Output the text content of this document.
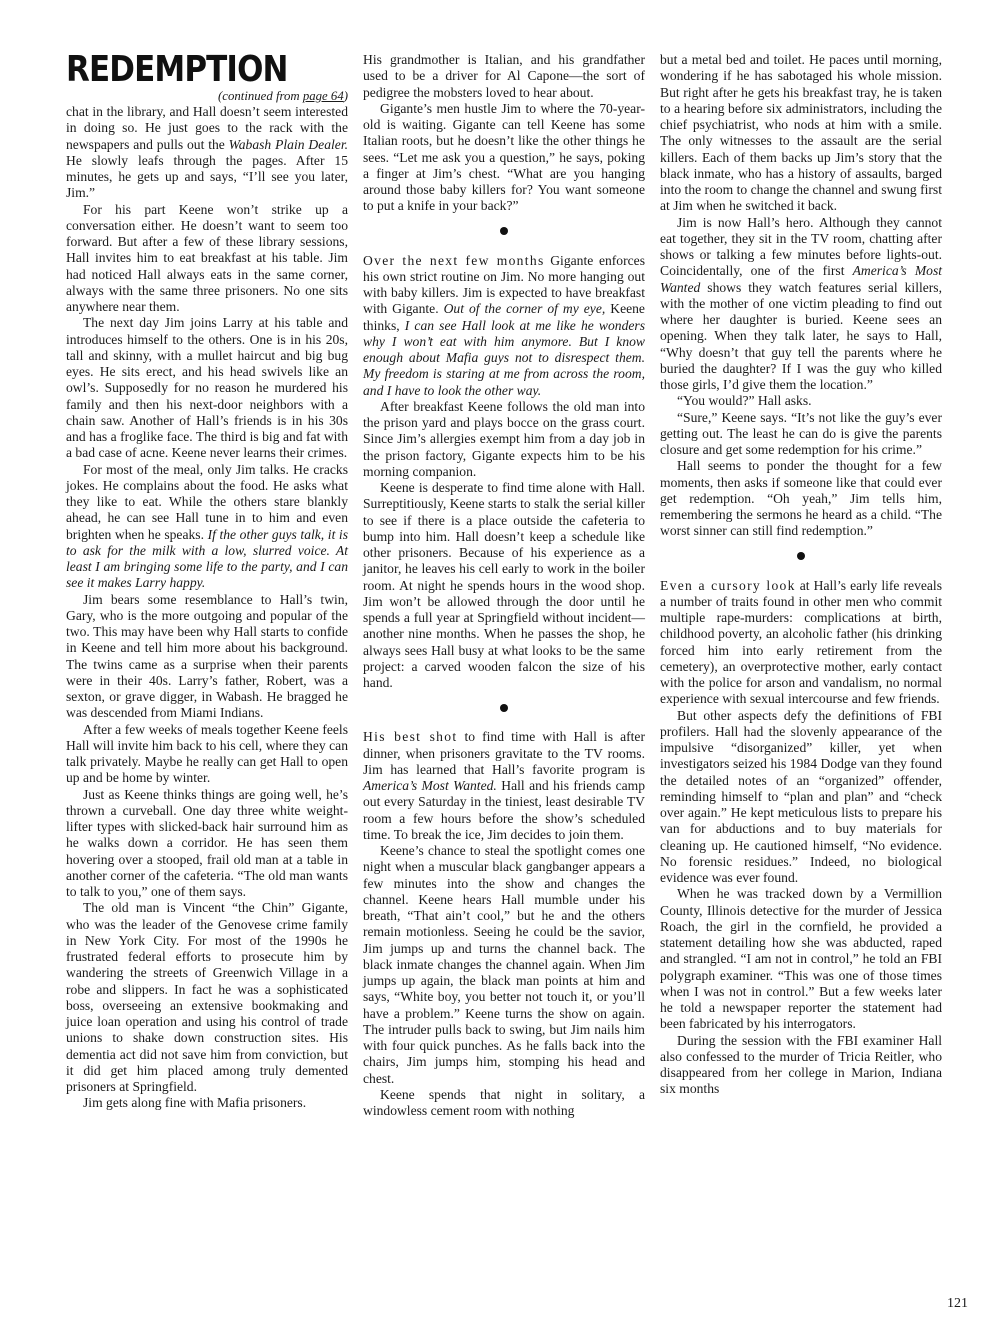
REDEMPTION
(continued from page 64)

chat in the library, and Hall doesn’t seem interested in doing so. He just goes to the rack with the newspapers and pulls out the Wabash Plain Dealer. He slowly leafs through the pages. After 15 minutes, he gets up and says, “I’ll see you later, Jim.”

For his part Keene won’t strike up a conversation either. He doesn’t want to seem too forward. But after a few of these library sessions, Hall invites him to eat breakfast at his table. Jim had noticed Hall always eats in the same corner, always with the same three prisoners. No one sits anywhere near them.

The next day Jim joins Larry at his table and introduces himself to the others. One is in his 20s, tall and skinny, with a mullet haircut and big bug eyes. He sits erect, and his head swivels like an owl’s. Supposedly for no reason he murdered his family and then his next-door neighbors with a chain saw. Another of Hall’s friends is in his 30s and has a froglike face. The third is big and fat with a bad case of acne. Keene never learns their crimes.

For most of the meal, only Jim talks. He cracks jokes. He complains about the food. He asks what they like to eat. While the others stare blankly ahead, he can see Hall tune in to him and even brighten when he speaks. If the other guys talk, it is to ask for the milk with a low, slurred voice. At least I am bringing some life to the party, and I can see it makes Larry happy.

Jim bears some resemblance to Hall’s twin, Gary, who is the more outgoing and popular of the two. This may have been why Hall starts to confide in Keene and tell him more about his background. The twins came as a surprise when their parents were in their 40s. Larry’s father, Robert, was a sexton, or grave digger, in Wabash. He bragged he was descended from Miami Indians.

After a few weeks of meals together Keene feels Hall will invite him back to his cell, where they can talk privately. Maybe he really can get Hall to open up and be home by winter.

Just as Keene thinks things are going well, he’s thrown a curveball. One day three white weight-lifter types with slicked-back hair surround him as he walks down a corridor. He has seen them hovering over a stooped, frail old man at a table in another corner of the cafeteria. “The old man wants to talk to you,” one of them says.

The old man is Vincent “the Chin” Gigante, who was the leader of the Genovese crime family in New York City. For most of the 1990s he frustrated federal efforts to prosecute him by wandering the streets of Greenwich Village in a robe and slippers. In fact he was a sophisticated boss, overseeing an extensive bookmaking and juice loan operation and using his control of trade unions to shake down construction sites. His dementia act did not save him from conviction, but it did get him placed among truly demented prisoners at Springfield.

Jim gets along fine with Mafia prisoners.

His grandmother is Italian, and his grandfather used to be a driver for Al Capone—the sort of pedigree the mobsters loved to hear about.

Gigante’s men hustle Jim to where the 70-year-old is waiting. Gigante can tell Keene has some Italian roots, but he doesn’t like the other things he sees. “Let me ask you a question,” he says, poking a finger at Jim’s chest. “What are you hanging around those baby killers for? You want someone to put a knife in your back?”

Over the next few months Gigante enforces his own strict routine on Jim. No more hanging out with baby killers. Jim is expected to have breakfast with Gigante. Out of the corner of my eye, Keene thinks, I can see Hall look at me like he wonders why I won’t eat with him anymore. But I know enough about Mafia guys not to disrespect them. My freedom is staring at me from across the room, and I have to look the other way.

After breakfast Keene follows the old man into the prison yard and plays bocce on the grass court. Since Jim’s allergies exempt him from a day job in the prison factory, Gigante expects him to be his morning companion.

Keene is desperate to find time alone with Hall. Surreptitiously, Keene starts to stalk the serial killer to see if there is a place outside the cafeteria to bump into him. Hall doesn’t keep a schedule like other prisoners. Because of his experience as a janitor, he leaves his cell early to work in the boiler room. At night he spends hours in the wood shop. Jim won’t be allowed through the door until he spends a full year at Springfield without incident—another nine months. When he passes the shop, he always sees Hall busy at what looks to be the same project: a carved wooden falcon the size of his hand.

His best shot to find time with Hall is after dinner, when prisoners gravitate to the TV rooms. Jim has learned that Hall’s favorite program is America’s Most Wanted. Hall and his friends camp out every Saturday in the tiniest, least desirable TV room a few hours before the show’s scheduled time. To break the ice, Jim decides to join them.

Keene’s chance to steal the spotlight comes one night when a muscular black gangbanger appears a few minutes into the show and changes the channel. Keene hears Hall mumble under his breath, “That ain’t cool,” but he and the others remain motionless. Seeing he could be the savior, Jim jumps up and turns the channel back. The black inmate changes the channel again. When Jim jumps up again, the black man points at him and says, “White boy, you better not touch it, or you’ll have a problem.” Keene turns the show on again. The intruder pulls back to swing, but Jim nails him with four quick punches. As he falls back into the chairs, Jim jumps him, stomping his head and chest.

Keene spends that night in solitary, a windowless cement room with nothing

but a metal bed and toilet. He paces until morning, wondering if he has sabotaged his whole mission. But right after he gets his breakfast tray, he is taken to a hearing before six administrators, including the chief psychiatrist, who nods at him with a smile. The only witnesses to the assault are the serial killers. Each of them backs up Jim’s story that the black inmate, who has a history of assaults, barged into the room to change the channel and swung first at Jim when he switched it back.

Jim is now Hall’s hero. Although they cannot eat together, they sit in the TV room, chatting after shows or talking a few minutes before lights-out. Coincidentally, one of the first America’s Most Wanted shows they watch features serial killers, with the mother of one victim pleading to find out where her daughter is buried. Keene sees an opening. When they talk later, he says to Hall, “Why doesn’t that guy tell the parents where he buried the daughter? If I was the guy who killed those girls, I’d give them the location.”

“You would?” Hall asks.

“Sure,” Keene says. “It’s not like the guy’s ever getting out. The least he can do is give the parents closure and get some redemption for his crime.”

Hall seems to ponder the thought for a few moments, then asks if someone like that could ever get redemption. “Oh yeah,” Jim tells him, remembering the sermons he heard as a child. “The worst sinner can still find redemption.”

Even a cursory look at Hall’s early life reveals a number of traits found in other men who commit multiple rape-murders: complications at birth, childhood poverty, an alcoholic father (his drinking forced him into early retirement from the cemetery), an overprotective mother, early contact with the police for arson and vandalism, no normal experience with sexual intercourse and few friends.

But other aspects defy the definitions of FBI profilers. Hall had the slovenly appearance of the impulsive “disorganized” killer, yet when investigators seized his 1984 Dodge van they found the detailed notes of an “organized” offender, reminding himself to “plan and plan” and “check over again.” He kept meticulous lists to prepare his van for abductions and to buy materials for cleaning up. He cautioned himself, “No evidence. No forensic residues.” Indeed, no biological evidence was ever found.

When he was tracked down by a Vermillion County, Illinois detective for the murder of Jessica Roach, the girl in the cornfield, he provided a statement detailing how she was abducted, raped and strangled. “I am not in control,” he told an FBI polygraph examiner. “This was one of those times when I was not in control.” But a few weeks later he told a newspaper reporter the statement had been fabricated by his interrogators.

During the session with the FBI examiner Hall also confessed to the murder of Tricia Reitler, who disappeared from her college in Marion, Indiana six months

121
